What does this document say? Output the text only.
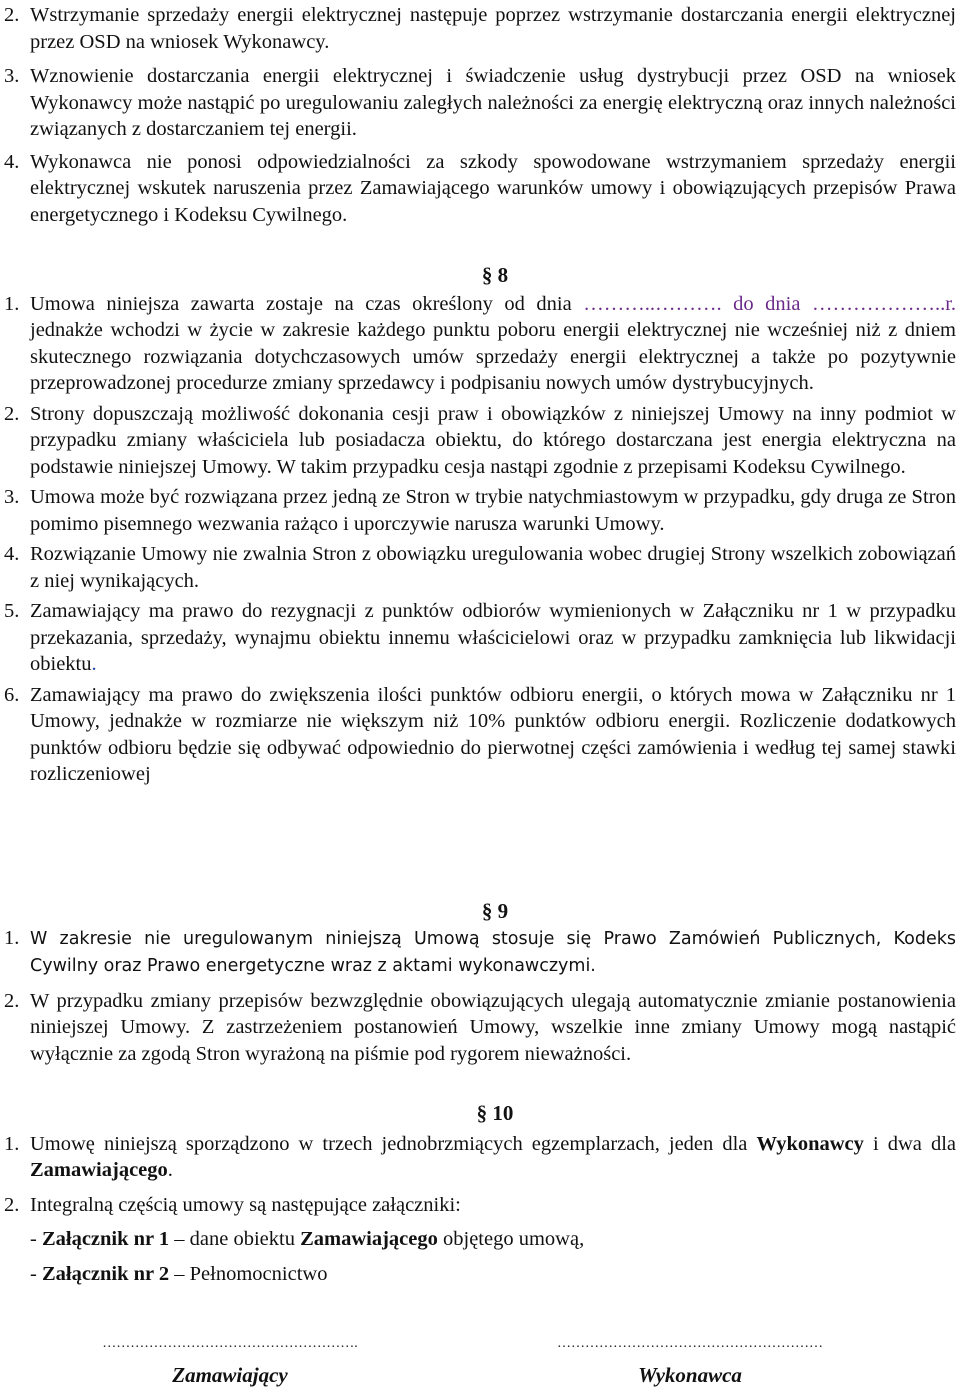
2. Wstrzymanie sprzedaży energii elektrycznej następuje poprzez wstrzymanie dostarczania energii elektrycznej przez OSD na wniosek Wykonawcy.
3. Wznowienie dostarczania energii elektrycznej i świadczenie usług dystrybucji przez OSD na wniosek Wykonawcy może nastąpić po uregulowaniu zaległych należności za energię elektryczną oraz innych należności związanych z dostarczaniem tej energii.
4. Wykonawca nie ponosi odpowiedzialności za szkody spowodowane wstrzymaniem sprzedaży energii elektrycznej wskutek naruszenia przez Zamawiającego warunków umowy i obowiązujących przepisów Prawa energetycznego i Kodeksu Cywilnego.
§ 8
1. Umowa niniejsza zawarta zostaje na czas określony od dnia ………..………. do dnia ………………..r. jednakże wchodzi w życie w zakresie każdego punktu poboru energii elektrycznej nie wcześniej niż z dniem skutecznego rozwiązania dotychczasowych umów sprzedaży energii elektrycznej a także po pozytywnie przeprowadzonej procedurze zmiany sprzedawcy i podpisaniu nowych umów dystrybucyjnych.
2. Strony dopuszczają możliwość dokonania cesji praw i obowiązków z niniejszej Umowy na inny podmiot w przypadku zmiany właściciela lub posiadacza obiektu, do którego dostarczana jest energia elektryczna na podstawie niniejszej Umowy. W takim przypadku cesja nastąpi zgodnie z przepisami Kodeksu Cywilnego.
3. Umowa może być rozwiązana przez jedną ze Stron w trybie natychmiastowym w przypadku, gdy druga ze Stron pomimo pisemnego wezwania rażąco i uporczywie narusza warunki Umowy.
4. Rozwiązanie Umowy nie zwalnia Stron z obowiązku uregulowania wobec drugiej Strony wszelkich zobowiązań z niej wynikających.
5. Zamawiający ma prawo do rezygnacji z punktów odbiorów wymienionych w Załączniku nr 1 w przypadku przekazania, sprzedaży, wynajmu obiektu innemu właścicielowi oraz w przypadku zamknięcia lub likwidacji obiektu.
6. Zamawiający ma prawo do zwiększenia ilości punktów odbioru energii, o których mowa w Załączniku nr 1 Umowy, jednakże w rozmiarze nie większym niż 10% punktów odbioru energii. Rozliczenie dodatkowych punktów odbioru będzie się odbywać odpowiednio do pierwotnej części zamówienia i według tej samej stawki rozliczeniowej
§ 9
1. W zakresie nie uregulowanym niniejszą Umową stosuje się Prawo Zamówień Publicznych, Kodeks Cywilny oraz Prawo energetyczne wraz z aktami wykonawczymi.
2. W przypadku zmiany przepisów bezwzględnie obowiązujących ulegają automatycznie zmianie postanowienia niniejszej Umowy. Z zastrzeżeniem postanowień Umowy, wszelkie inne zmiany Umowy mogą nastąpić wyłącznie za zgodą Stron wyrażoną na piśmie pod rygorem nieważności.
§ 10
1. Umowę niniejszą sporządzono w trzech jednobrzmiących egzemplarzach, jeden dla Wykonawcy i dwa dla Zamawiającego.
2. Integralną częścią umowy są następujące załączniki:
- Załącznik nr 1 – dane obiektu Zamawiającego objętego umową,
- Załącznik nr 2 – Pełnomocnictwo
……………………………………………….
Zamawiający
…………………………………………………
Wykonawca
